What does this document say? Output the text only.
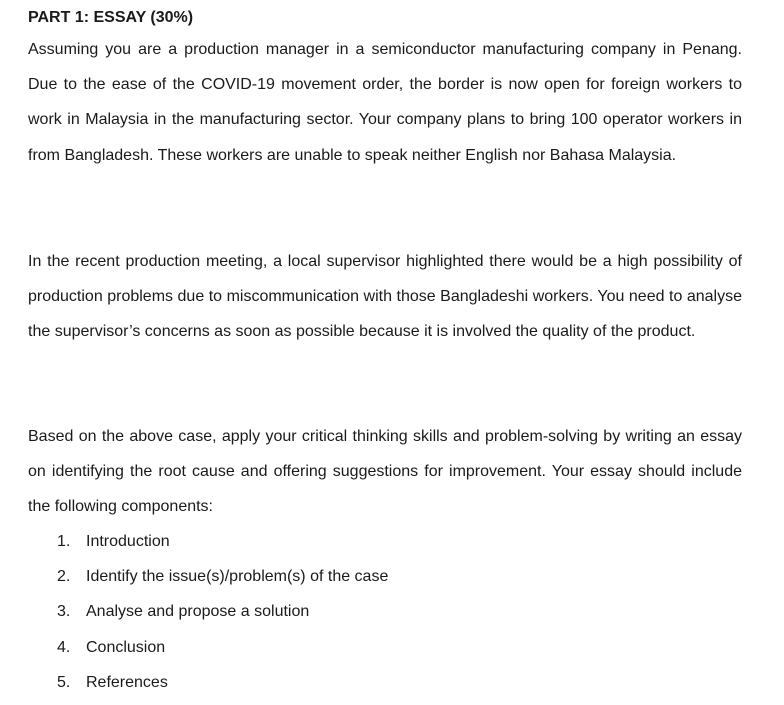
PART 1: ESSAY (30%)

Assuming you are a production manager in a semiconductor manufacturing company in Penang. Due to the ease of the COVID-19 movement order, the border is now open for foreign workers to work in Malaysia in the manufacturing sector. Your company plans to bring 100 operator workers in from Bangladesh. These workers are unable to speak neither English nor Bahasa Malaysia.

In the recent production meeting, a local supervisor highlighted there would be a high possibility of production problems due to miscommunication with those Bangladeshi workers. You need to analyse the supervisor’s concerns as soon as possible because it is involved the quality of the product.

Based on the above case, apply your critical thinking skills and problem-solving by writing an essay on identifying the root cause and offering suggestions for improvement. Your essay should include the following components:

1. Introduction
2. Identify the issue(s)/problem(s) of the case
3. Analyse and propose a solution
4. Conclusion
5. References
